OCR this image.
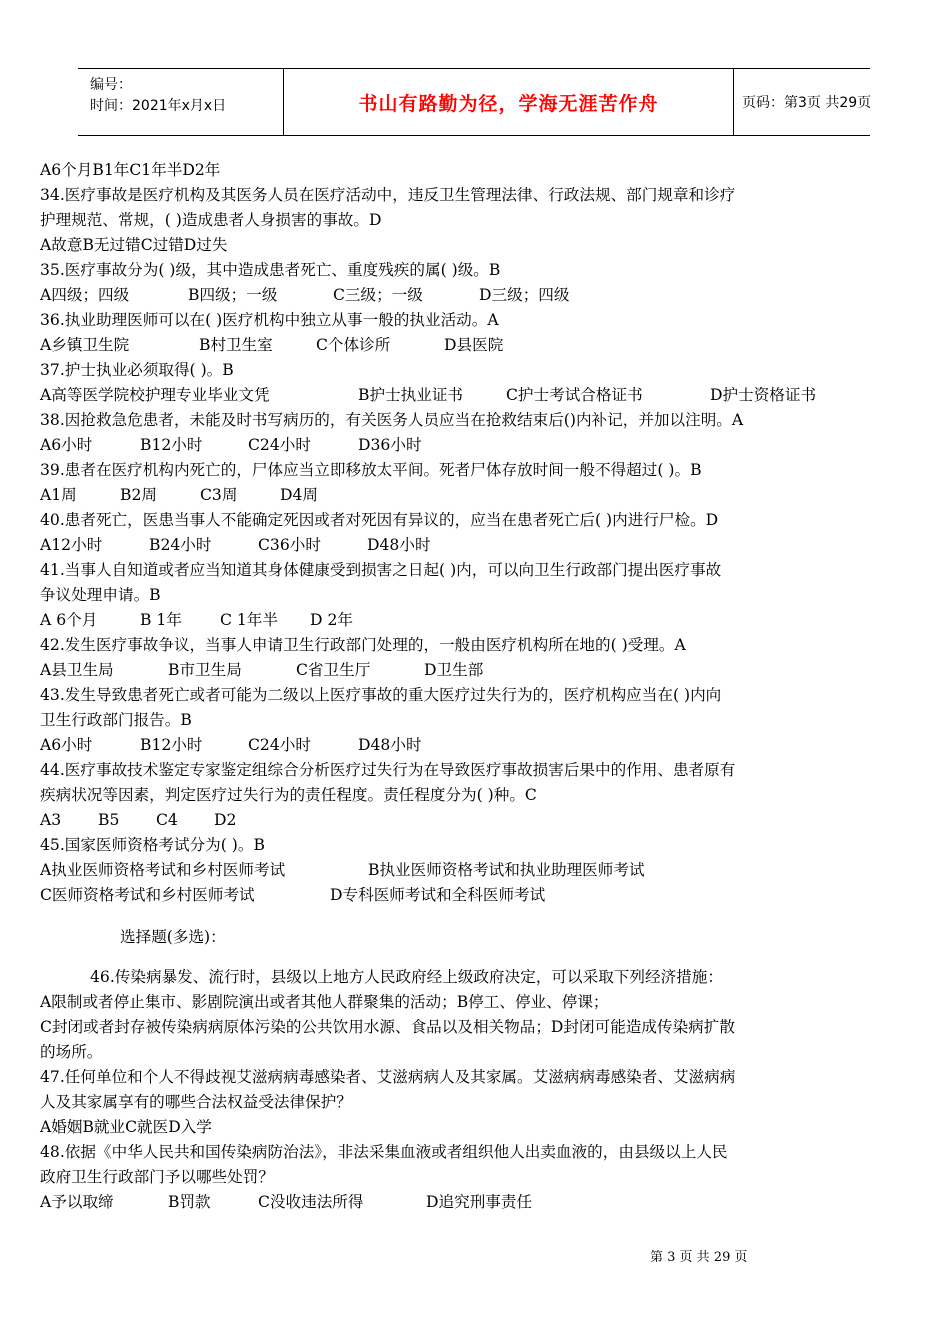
编号：
时间：2021年x月x日	书山有路勤为径，学海无涯苦作舟	页码：第3页 共29页
A6个月B1年C1年半D2年
34.医疗事故是医疗机构及其医务人员在医疗活动中，违反卫生管理法律、行政法规、部门规章和诊疗
护理规范、常规，( )造成患者人身损害的事故。D
A故意B无过错C过错D过失
35.医疗事故分为( )级，其中造成患者死亡、重度残疾的属( )级。B
A四级；四级	B四级；一级	C三级；一级	D三级；四级
36.执业助理医师可以在( )医疗机构中独立从事一般的执业活动。A
A乡镇卫生院	B村卫生室	C个体诊所	D县医院
37.护士执业必须取得( )。B
A高等医学院校护理专业毕业文凭	B护士执业证书	C护士考试合格证书	D护士资格证书
38.因抢救急危患者，未能及时书写病历的，有关医务人员应当在抢救结束后()内补记，并加以注明。A
A6小时	B12小时	C24小时	D36小时
39.患者在医疗机构内死亡的，尸体应当立即移放太平间。死者尸体存放时间一般不得超过( )。B
A1周	B2周	C3周	D4周
40.患者死亡，医患当事人不能确定死因或者对死因有异议的，应当在患者死亡后( )内进行尸检。D
A12小时	B24小时	C36小时	D48小时
41.当事人自知道或者应当知道其身体健康受到损害之日起( )内，可以向卫生行政部门提出医疗事故
争议处理申请。B
A 6个月	B 1年	C 1年半	D 2年
42.发生医疗事故争议，当事人申请卫生行政部门处理的，一般由医疗机构所在地的( )受理。A
A县卫生局	B市卫生局	C省卫生厅	D卫生部
43.发生导致患者死亡或者可能为二级以上医疗事故的重大医疗过失行为的，医疗机构应当在( )内向
卫生行政部门报告。B
A6小时	B12小时	C24小时	D48小时
44.医疗事故技术鉴定专家鉴定组综合分析医疗过失行为在导致医疗事故损害后果中的作用、患者原有
疾病状况等因素，判定医疗过失行为的责任程度。责任程度分为( )种。C
A3	B5	C4	D2
45.国家医师资格考试分为( )。B
A执业医师资格考试和乡村医师考试	B执业医师资格考试和执业助理医师考试
C医师资格考试和乡村医师考试	D专科医师考试和全科医师考试
选择题(多选)：
46.传染病暴发、流行时，县级以上地方人民政府经上级政府决定，可以采取下列经济措施：
A限制或者停止集市、影剧院演出或者其他人群聚集的活动；B停工、停业、停课；
C封闭或者封存被传染病病原体污染的公共饮用水源、食品以及相关物品；D封闭可能造成传染病扩散
的场所。
47.任何单位和个人不得歧视艾滋病病毒感染者、艾滋病病人及其家属。艾滋病病毒感染者、艾滋病病
人及其家属享有的哪些合法权益受法律保护？
A婚姻B就业C就医D入学
48.依据《中华人民共和国传染病防治法》，非法采集血液或者组织他人出卖血液的，由县级以上人民
政府卫生行政部门予以哪些处罚？
A予以取缔	B罚款	C没收违法所得	D追究刑事责任
第 3 页 共 29 页
